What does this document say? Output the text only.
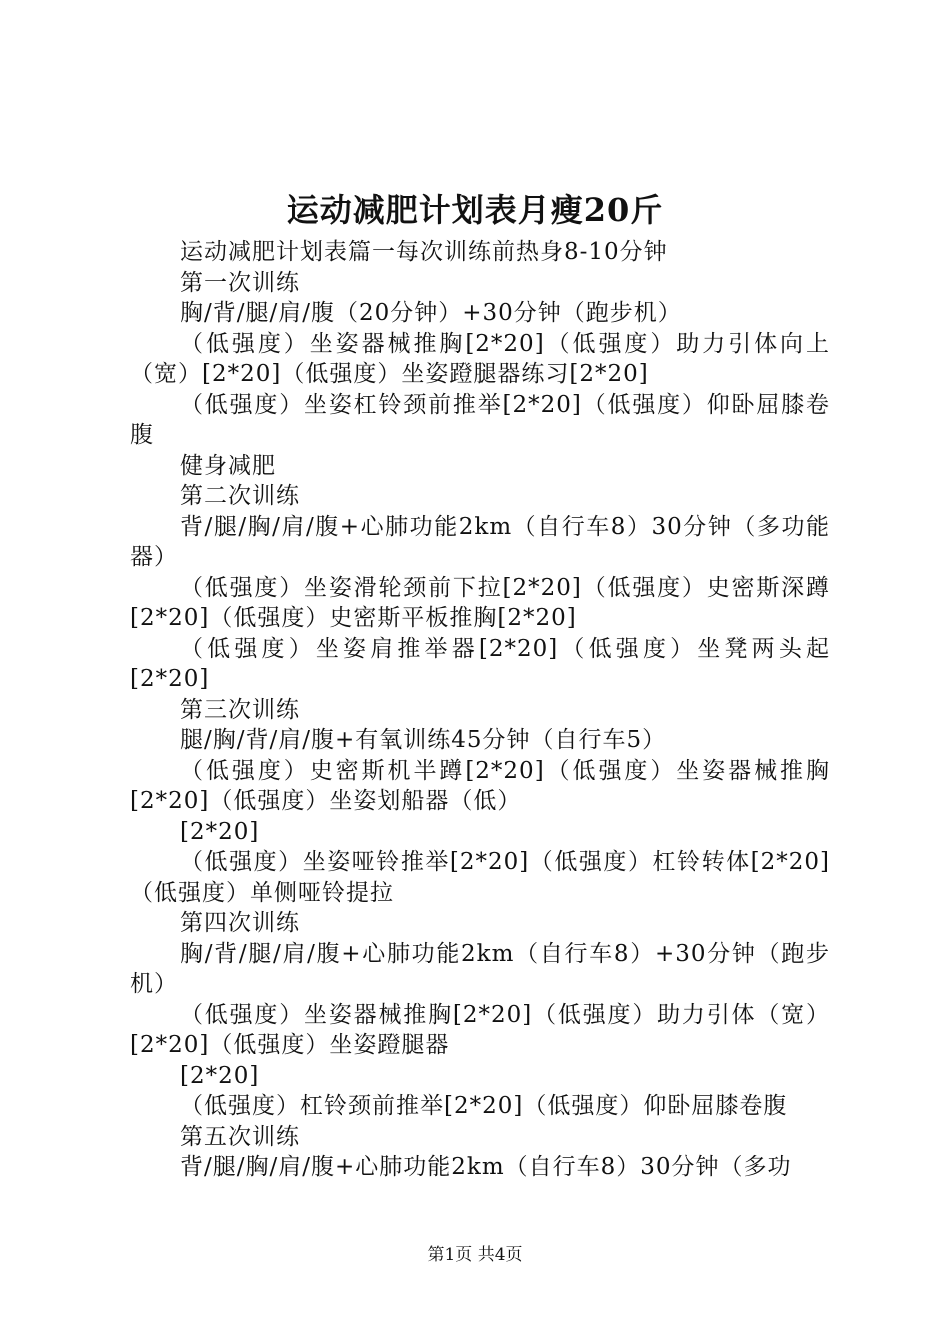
运动减肥计划表月瘦20斤

运动减肥计划表篇一每次训练前热身8-10分钟

第一次训练

胸/背/腿/肩/腹（20分钟）+30分钟（跑步机）

（低强度）坐姿器械推胸[2*20]（低强度）助力引体向上（宽）[2*20]（低强度）坐姿蹬腿器练习[2*20]

（低强度）坐姿杠铃颈前推举[2*20]（低强度）仰卧屈膝卷腹

健身减肥

第二次训练

背/腿/胸/肩/腹+心肺功能2km（自行车8）30分钟（多功能器）

（低强度）坐姿滑轮颈前下拉[2*20]（低强度）史密斯深蹲[2*20]（低强度）史密斯平板推胸[2*20]

（低强度）坐姿肩推举器[2*20]（低强度）坐凳两头起[2*20]

第三次训练

腿/胸/背/肩/腹+有氧训练45分钟（自行车5）

（低强度）史密斯机半蹲[2*20]（低强度）坐姿器械推胸[2*20]（低强度）坐姿划船器（低）

[2*20]

（低强度）坐姿哑铃推举[2*20]（低强度）杠铃转体[2*20]（低强度）单侧哑铃提拉

第四次训练

胸/背/腿/肩/腹+心肺功能2km（自行车8）+30分钟（跑步机）

（低强度）坐姿器械推胸[2*20]（低强度）助力引体（宽）[2*20]（低强度）坐姿蹬腿器

[2*20]

（低强度）杠铃颈前推举[2*20]（低强度）仰卧屈膝卷腹

第五次训练

背/腿/胸/肩/腹+心肺功能2km（自行车8）30分钟（多功

第1页 共4页
